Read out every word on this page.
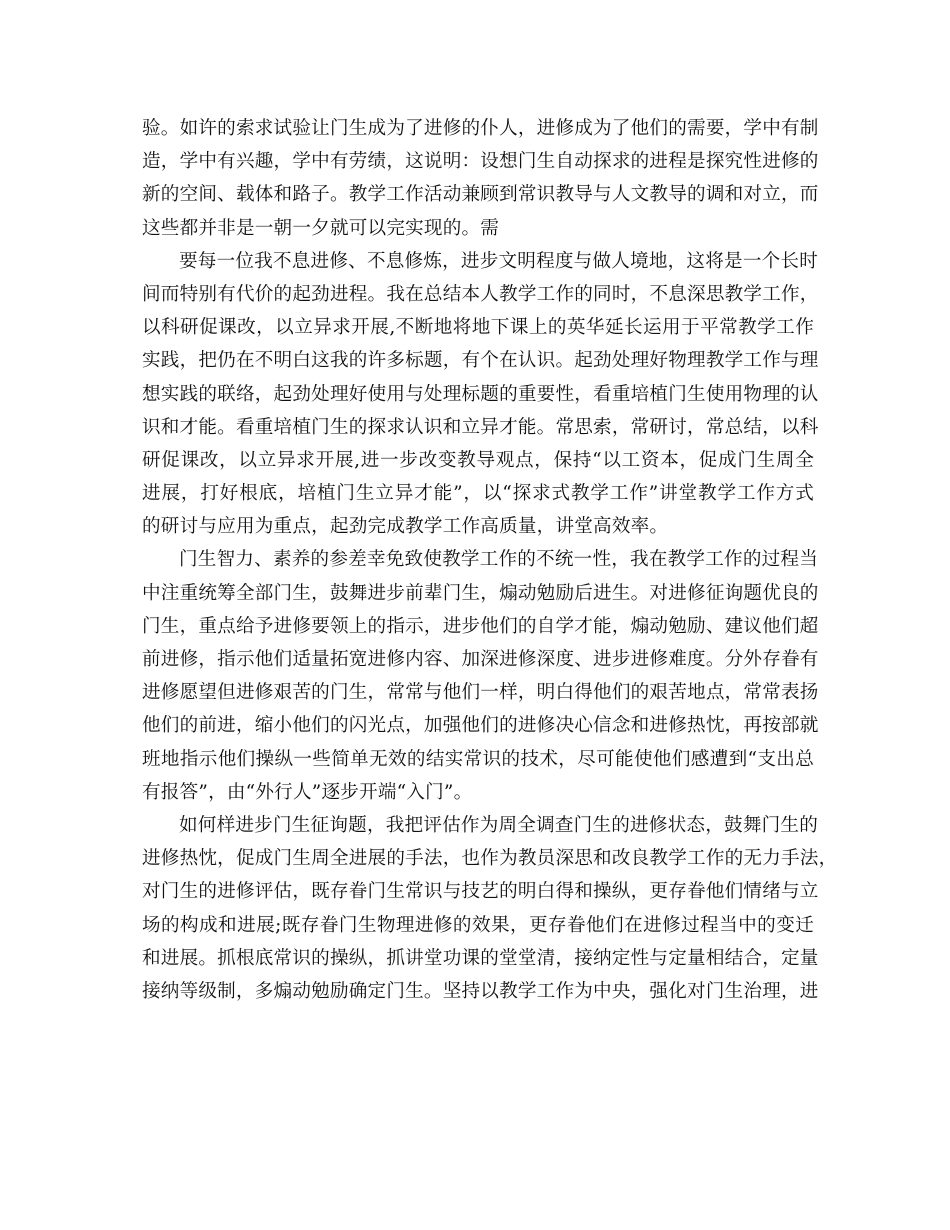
验。如许的索求试验让门生成为了进修的仆人，进修成为了他们的需要，学中有制
造，学中有兴趣，学中有劳绩，这说明：设想门生自动探求的进程是探究性进修的
新的空间、载体和路子。教学工作活动兼顾到常识教导与人文教导的调和对立，而
这些都并非是一朝一夕就可以完实现的。需
要每一位我不息进修、不息修炼，进步文明程度与做人境地，这将是一个长时
间而特别有代价的起劲进程。我在总结本人教学工作的同时，不息深思教学工作，
以科研促课改，以立异求开展,不断地将地下课上的英华延长运用于平常教学工作
实践，把仍在不明白这我的许多标题，有个在认识。起劲处理好物理教学工作与理
想实践的联络，起劲处理好使用与处理标题的重要性，看重培植门生使用物理的认
识和才能。看重培植门生的探求认识和立异才能。常思索，常研讨，常总结，以科
研促课改，以立异求开展,进一步改变教导观点，保持“以工资本，促成门生周全
进展，打好根底，培植门生立异才能”，以“探求式教学工作”讲堂教学工作方式
的研讨与应用为重点，起劲完成教学工作高质量，讲堂高效率。
门生智力、素养的参差幸免致使教学工作的不统一性，我在教学工作的过程当
中注重统筹全部门生，鼓舞进步前辈门生，煽动勉励后进生。对进修征询题优良的
门生，重点给予进修要领上的指示，进步他们的自学才能，煽动勉励、建议他们超
前进修，指示他们适量拓宽进修内容、加深进修深度、进步进修难度。分外存眷有
进修愿望但进修艰苦的门生，常常与他们一样，明白得他们的艰苦地点，常常表扬
他们的前进，缩小他们的闪光点，加强他们的进修决心信念和进修热忱，再按部就
班地指示他们操纵一些简单无效的结实常识的技术，尽可能使他们感遭到“支出总
有报答”，由“外行人”逐步开端“入门”。
如何样进步门生征询题，我把评估作为周全调查门生的进修状态，鼓舞门生的
进修热忱，促成门生周全进展的手法，也作为教员深思和改良教学工作的无力手法，
对门生的进修评估，既存眷门生常识与技艺的明白得和操纵，更存眷他们情绪与立
场的构成和进展;既存眷门生物理进修的效果，更存眷他们在进修过程当中的变迁
和进展。抓根底常识的操纵，抓讲堂功课的堂堂清，接纳定性与定量相结合，定量
接纳等级制，多煽动勉励确定门生。坚持以教学工作为中央，强化对门生治理，进
